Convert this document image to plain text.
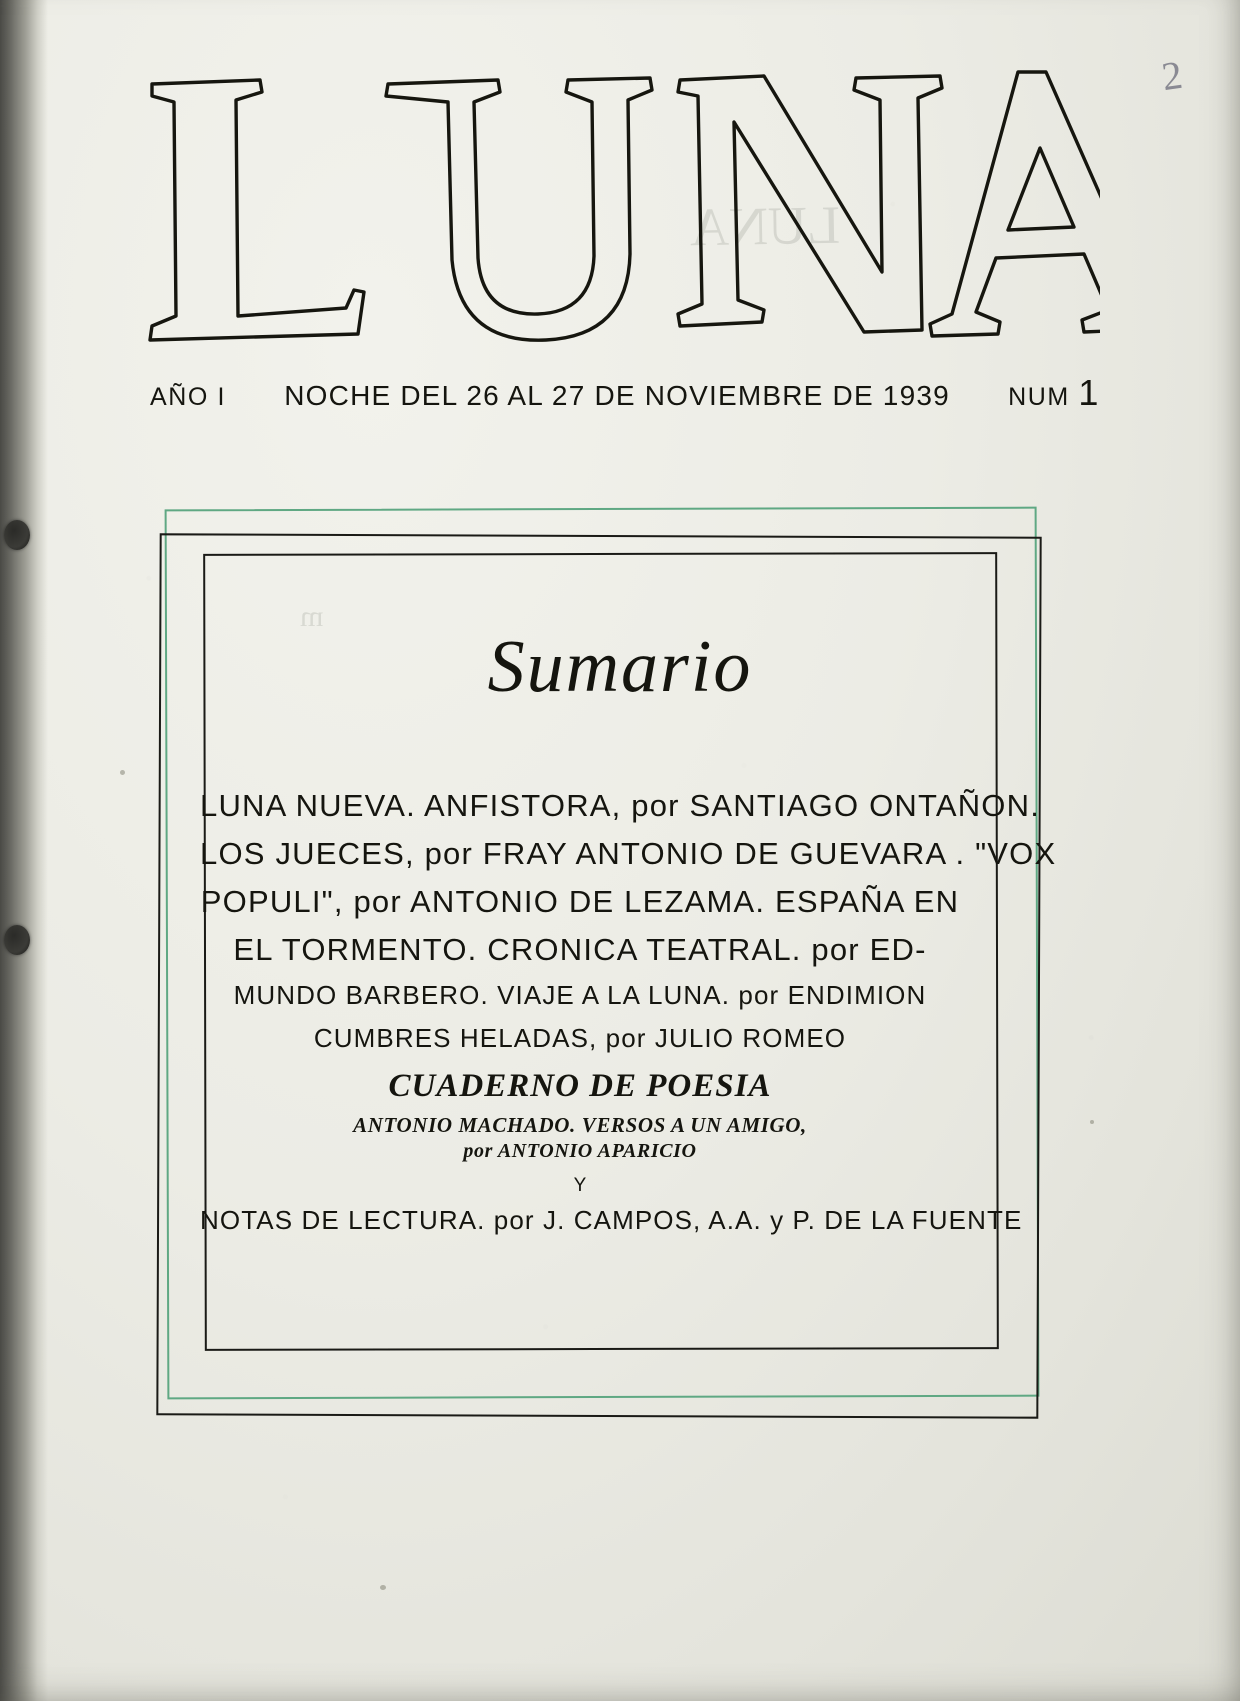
LUNA
m
AÑO I NOCHE DEL 26 AL 27 DE NOVIEMBRE DE 1939 NUM 1
2
Sumario
LUNA NUEVA. ANFISTORA, por SANTIAGO ONTAÑON.
LOS JUECES, por FRAY ANTONIO DE GUEVARA . "VOX
POPULI", por ANTONIO DE LEZAMA. ESPAÑA EN
EL TORMENTO. CRONICA TEATRAL. por ED-
MUNDO BARBERO. VIAJE A LA LUNA. por ENDIMION
CUMBRES HELADAS, por JULIO ROMEO
CUADERNO DE POESIA
ANTONIO MACHADO. VERSOS A UN AMIGO,
por ANTONIO APARICIO
Y
NOTAS DE LECTURA. por J. CAMPOS, A.A. y P. DE LA FUENTE
